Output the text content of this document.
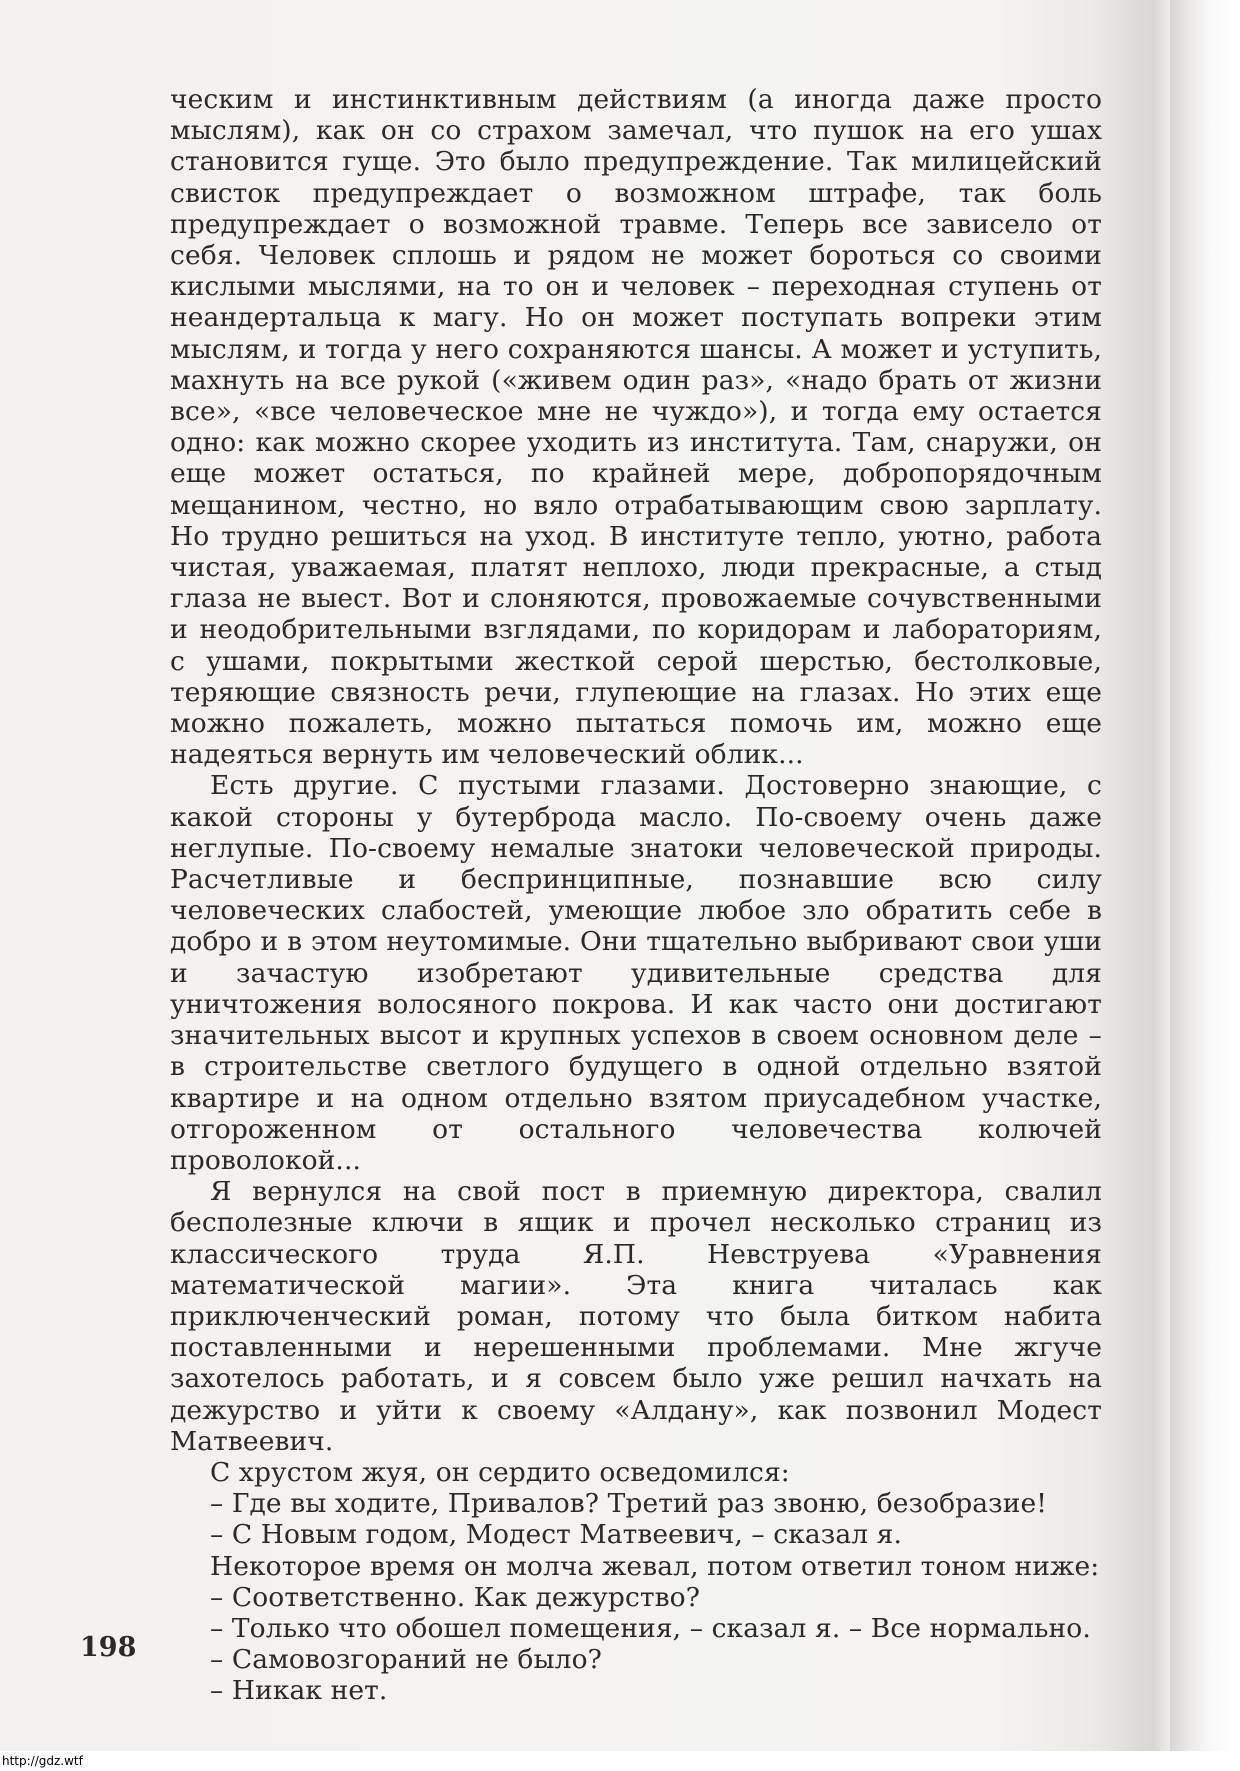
ческим и инстинктивным действиям (а иногда даже просто мыслям), как он со страхом замечал, что пушок на его ушах становится гуще. Это было предупреждение. Так милицейский свисток предупреждает о возможном штрафе, так боль предупреждает о возможной травме. Теперь все зависело от себя. Человек сплошь и рядом не может бороться со своими кислыми мыслями, на то он и человек – переходная ступень от неандертальца к магу. Но он может поступать вопреки этим мыслям, и тогда у него сохраняются шансы. А может и уступить, махнуть на все рукой («живем один раз», «надо брать от жизни все», «все человеческое мне не чуждо»), и тогда ему остается одно: как можно скорее уходить из института. Там, снаружи, он еще может остаться, по крайней мере, добропорядочным мещанином, честно, но вяло отрабатывающим свою зарплату. Но трудно решиться на уход. В институте тепло, уютно, работа чистая, уважаемая, платят неплохо, люди прекрасные, а стыд глаза не выест. Вот и слоняются, провожаемые сочувственными и неодобрительными взглядами, по коридорам и лабораториям, с ушами, покрытыми жесткой серой шерстью, бестолковые, теряющие связность речи, глупеющие на глазах. Но этих еще можно пожалеть, можно пытаться помочь им, можно еще надеяться вернуть им человеческий облик...

Есть другие. С пустыми глазами. Достоверно знающие, с какой стороны у бутерброда масло. По-своему очень даже неглупые. По-своему немалые знатоки человеческой природы. Расчетливые и беспринципные, познавшие всю силу человеческих слабостей, умеющие любое зло обратить себе в добро и в этом неутомимые. Они тщательно выбривают свои уши и зачастую изобретают удивительные средства для уничтожения волосяного покрова. И как часто они достигают значительных высот и крупных успехов в своем основном деле – в строительстве светлого будущего в одной отдельно взятой квартире и на одном отдельно взятом приусадебном участке, отгороженном от остального человечества колючей проволокой...

Я вернулся на свой пост в приемную директора, свалил бесполезные ключи в ящик и прочел несколько страниц из классического труда Я.П. Невструева «Уравнения математической магии». Эта книга читалась как приключенческий роман, потому что была битком набита поставленными и нерешенными проблемами. Мне жгуче захотелось работать, и я совсем было уже решил начхать на дежурство и уйти к своему «Алдану», как позвонил Модест Матвеевич.

С хрустом жуя, он сердито осведомился:

– Где вы ходите, Привалов? Третий раз звоню, безобразие!

– С Новым годом, Модест Матвеевич, – сказал я.

Некоторое время он молча жевал, потом ответил тоном ниже:

– Соответственно. Как дежурство?

– Только что обошел помещения, – сказал я. – Все нормально.

– Самовозгораний не было?

– Никак нет.

198
http://gdz.wtf
